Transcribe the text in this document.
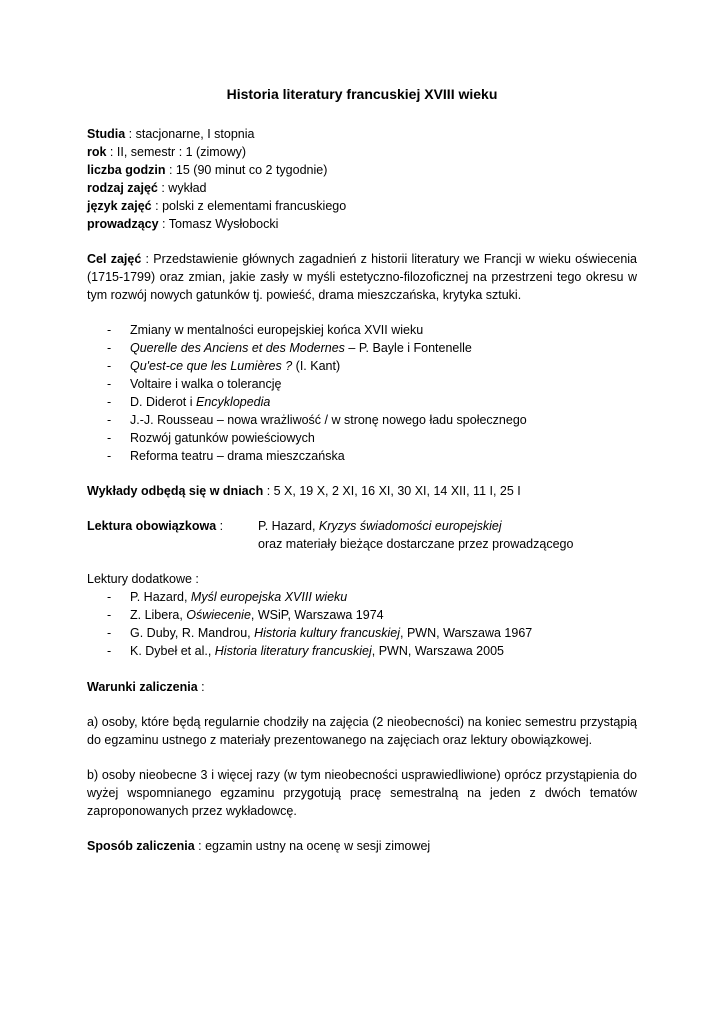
Historia literatury francuskiej XVIII wieku
Studia : stacjonarne, I stopnia
rok : II, semestr : 1 (zimowy)
liczba godzin : 15 (90 minut co 2 tygodnie)
rodzaj zajęć : wykład
język zajęć : polski z elementami francuskiego
prowadzący : Tomasz Wysłobocki
Cel zajęć : Przedstawienie głównych zagadnień z historii literatury we Francji w wieku oświecenia (1715-1799) oraz zmian, jakie zasły w myśli estetyczno-filozoficznej na przestrzeni tego okresu w tym rozwój nowych gatunków tj. powieść, drama mieszczańska, krytyka sztuki.
- Zmiany w mentalności europejskiej końca XVII wieku
- Querelle des Anciens et des Modernes – P. Bayle i Fontenelle
- Qu'est-ce que les Lumières ? (I. Kant)
- Voltaire i walka o tolerancję
- D. Diderot i Encyklopedia
- J.-J. Rousseau – nowa wrażliwość / w stronę nowego ładu społecznego
- Rozwój gatunków powieściowych
- Reforma teatru – drama mieszczańska
Wykłady odbędą się w dniach : 5 X, 19 X, 2 XI, 16 XI, 30 XI, 14 XII, 11 I, 25 I
Lektura obowiązkowa :	P. Hazard, Kryzys świadomości europejskiej
oraz materiały bieżące dostarczane przez prowadzącego
Lektury dodatkowe :
- P. Hazard, Myśl europejska XVIII wieku
- Z. Libera, Oświecenie, WSiP, Warszawa 1974
- G. Duby, R. Mandrou, Historia kultury francuskiej, PWN, Warszawa 1967
- K. Dybeł et al., Historia literatury francuskiej, PWN, Warszawa 2005
Warunki zaliczenia :
a) osoby, które będą regularnie chodziły na zajęcia (2 nieobecności) na koniec semestru przystąpią do egzaminu ustnego z materiały prezentowanego na zajęciach oraz lektury obowiązkowej.
b) osoby nieobecne 3 i więcej razy (w tym nieobecności usprawiedliwione) oprócz przystąpienia do wyżej wspomnianego egzaminu przygotują pracę semestralną na jeden z dwóch tematów zaproponowanych przez wykładowcę.
Sposób zaliczenia : egzamin ustny na ocenę w sesji zimowej
